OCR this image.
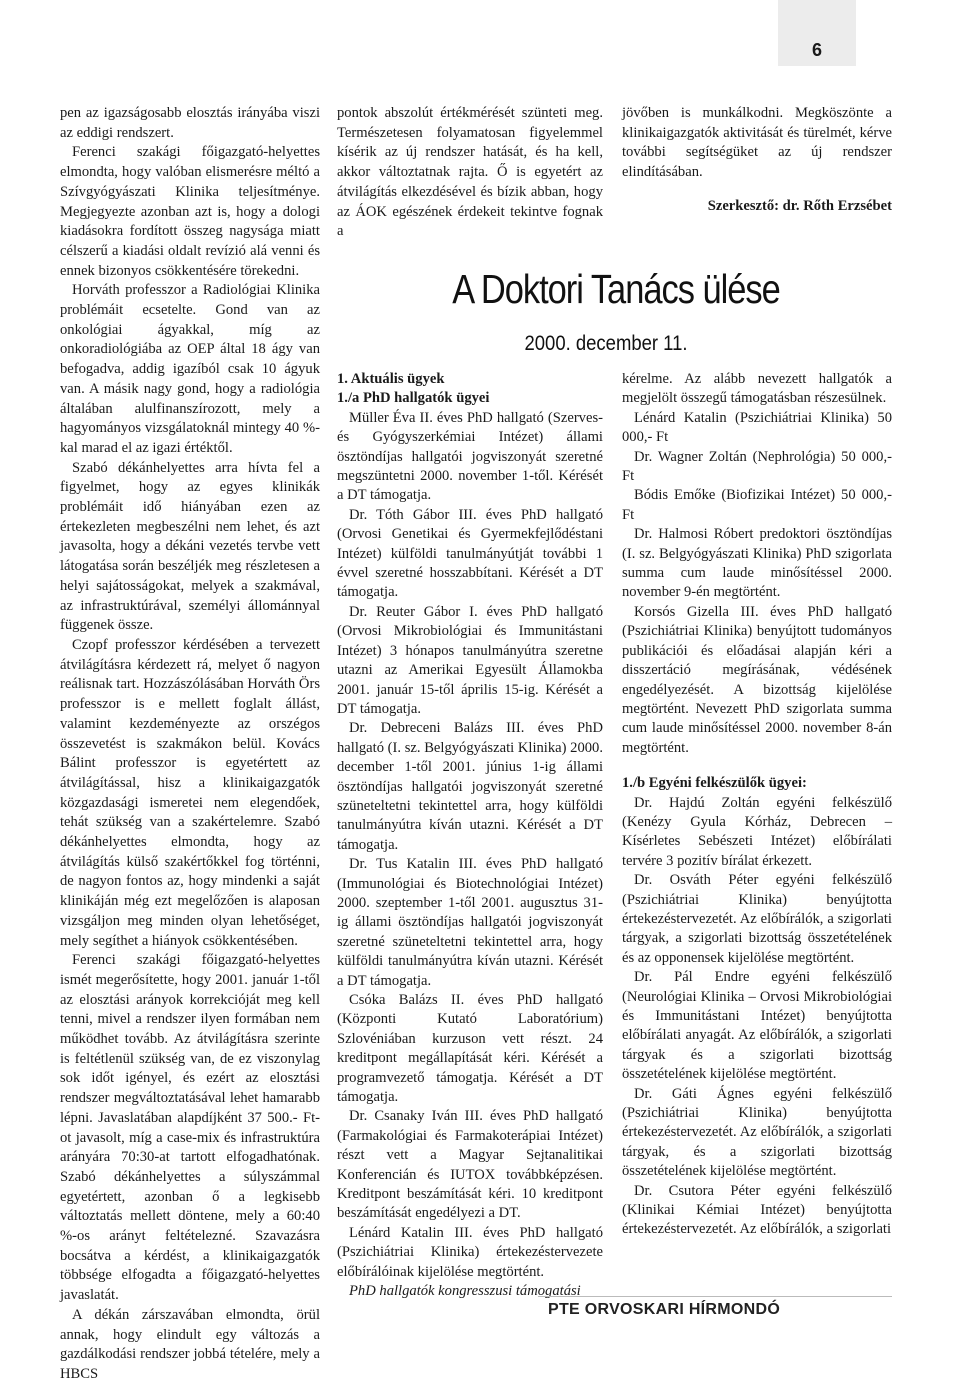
6

pen az igazságosabb elosztás irányába viszi az eddigi rendszert.

Ferenci szakági főigazgató-helyettes elmondta, hogy valóban elismerésre méltó a Szívgyógyászati Klinika teljesítménye. Megjegyezte azonban azt is, hogy a dologi kiadásokra fordított összeg nagysága miatt célszerű a kiadási oldalt revízió alá venni és ennek bizonyos csökkentésére törekedni.

Horváth professzor a Radiológiai Klinika problémáit ecsetelte. Gond van az onkológiai ágyakkal, míg az onkoradiológiába az OEP által 18 ágy van befogadva, addig igazíból csak 10 ágyuk van. A másik nagy gond, hogy a radiológia általában alulfinanszírozott, mely a hagyományos vizsgálatoknál mintegy 40 %-kal marad el az igazi értéktől.

Szabó dékánhelyettes arra hívta fel a figyelmet, hogy az egyes klinikák problémáit idő hiányában ezen az értekezleten megbeszélni nem lehet, és azt javasolta, hogy a dékáni vezetés tervbe vett látogatása során beszéljék meg részletesen a helyi sajátosságokat, melyek a szakmával, az infrastruktúrával, személyi állománnyal függenek össze.

Czopf professzor kérdésében a tervezett átvilágításra kérdezett rá, melyet ő nagyon reálisnak tart. Hozzászólásában Horváth Örs professzor is e mellett foglalt állást, valamint kezdeményezte az orszégos összevetést is szakmákon belül. Kovács Bálint professzor is egyetértett az átvilágítással, hisz a klinikaigazgatók közgazdasági ismeretei nem elegendőek, tehát szükség van a szakértelemre. Szabó dékánhelyettes elmondta, hogy az átvilágítás külső szakértőkkel fog történni, de nagyon fontos az, hogy mindenki a saját klinikáján még ezt megelőzően is alaposan vizsgáljon meg minden olyan lehetőséget, mely segíthet a hiányok csökkentésében.

Ferenci szakági főigazgató-helyettes ismét megerősítette, hogy 2001. január 1-től az elosztási arányok korrekcióját meg kell tenni, mivel a rendszer ilyen formában nem működhet tovább. Az átvilágításra szerinte is feltétlenül szükség van, de ez viszonylag sok időt igényel, és ezért az elosztási rendszer megváltoztatásával lehet hamarabb lépni. Javaslatában alapdíjként 37 500.- Ft-ot javasolt, míg a case-mix és infrastruktúra arányára 70:30-at tartott elfogadhatónak. Szabó dékánhelyettes a súlyszámmal egyetértett, azonban ő a legkisebb változtatás mellett döntene, mely a 60:40 %-os arányt feltételezné. Szavazásra bocsátva a kérdést, a klinikaigazgatók többsége elfogadta a főigazgató-helyettes javaslatát.

A dékán zárszavában elmondta, örül annak, hogy elindult egy változás a gazdálkodási rendszer jobbá tételére, mely a HBCS

pontok abszolút értékmérését szünteti meg. Természetesen folyamatosan figyelemmel kísérik az új rendszer hatását, és ha kell, akkor változtatnak rajta. Ő is egyetért az átvilágítás elkezdésével és bízik abban, hogy az ÁOK egészének érdekeit tekintve fognak a

jövőben is munkálkodni. Megköszönte a klinikaigazgatók aktivitását és türelmét, kérve további segítségüket az új rendszer elindításában.

Szerkesztő: dr. Rőth Erzsébet
A Doktori Tanács ülése
2000. december 11.

1. Aktuális ügyek

1./a PhD hallgatók ügyei

Müller Éva II. éves PhD hallgató (Szerves- és Gyógyszerkémiai Intézet) állami ösztöndíjas hallgatói jogviszonyát szeretné megszüntetni 2000. november 1-től. Kérését a DT támogatja.

Dr. Tóth Gábor III. éves PhD hallgató (Orvosi Genetikai és Gyermekfejlődéstani Intézet) külföldi tanulmányútját további 1 évvel szeretné hosszabbítani. Kérését a DT támogatja.

Dr. Reuter Gábor I. éves PhD hallgató (Orvosi Mikrobiológiai és Immunitástani Intézet) 3 hónapos tanulmányútra szeretne utazni az Amerikai Egyesült Államokba 2001. január 15-től április 15-ig. Kérését a DT támogatja.

Dr. Debreceni Balázs III. éves PhD hallgató (I. sz. Belgyógyászati Klinika) 2000. december 1-től 2001. június 1-ig állami ösztöndíjas hallgatói jogviszonyát szeretné szüneteltetni tekintettel arra, hogy külföldi tanulmányútra kíván utazni. Kérését a DT támogatja.

Dr. Tus Katalin III. éves PhD hallgató (Immunológiai és Biotechnológiai Intézet) 2000. szeptember 1-től 2001. augusztus 31-ig állami ösztöndíjas hallgatói jogviszonyát szeretné szüneteltetni tekintettel arra, hogy külföldi tanulmányútra kíván utazni. Kérését a DT támogatja.

Csóka Balázs II. éves PhD hallgató (Központi Kutató Laboratórium) Szlovéniában kurzuson vett részt. 24 kreditpont megállapítását kéri. Kérését a programvezető támogatja. Kérését a DT támogatja.

Dr. Csanaky Iván III. éves PhD hallgató (Farmakológiai és Farmakoterápiai Intézet) részt vett a Magyar Sejtanalitikai Konferencián és IUTOX továbbképzésen. Kreditpont beszámítását kéri. 10 kreditpont beszámítását engedélyezi a DT.

Lénárd Katalin III. éves PhD hallgató (Pszichiátriai Klinika) értekezéstervezete előbírálóinak kijelölése megtörtént.

PhD hallgatók kongresszusi támogatási

kérelme. Az alább nevezett hallgatók a megjelölt összegű támogatásban részesülnek.

Lénárd Katalin (Pszichiátriai Klinika) 50 000,- Ft

Dr. Wagner Zoltán (Nephrológia) 50 000,- Ft

Bódis Emőke (Biofizikai Intézet) 50 000,-Ft

Dr. Halmosi Róbert predoktori ösztöndíjas (I. sz. Belgyógyászati Klinika) PhD szigorlata summa cum laude minősítéssel 2000. november 9-én megtörtént.

Korsós Gizella III. éves PhD hallgató (Pszichiátriai Klinika) benyújtott tudományos publikációi és előadásai alapján kéri a disszertáció megírásának, védésének engedélyezését. A bizottság kijelölése megtörtént. Nevezett PhD szigorlata summa cum laude minősítéssel 2000. november 8-án megtörtént.

1./b Egyéni felkészülők ügyei:

Dr. Hajdú Zoltán egyéni felkészülő (Kenézy Gyula Kórház, Debrecen – Kísérletes Sebészeti Intézet) előbírálati tervére 3 pozitív bírálat érkezett.

Dr. Osváth Péter egyéni felkészülő (Pszichiátriai Klinika) benyújtotta értekezéstervezetét. Az előbírálók, a szigorlati tárgyak, a szigorlati bizottság összetételének és az opponensek kijelölése megtörtént.

Dr. Pál Endre egyéni felkészülő (Neurológiai Klinika – Orvosi Mikrobiológiai és Immunitástani Intézet) benyújtotta előbírálati anyagát. Az előbírálók, a szigorlati tárgyak és a szigorlati bizottság összetételének kijelölése megtörtént.

Dr. Gáti Ágnes egyéni felkészülő (Pszichiátriai Klinika) benyújtotta értekezéstervezetét. Az előbírálók, a szigorlati tárgyak, és a szigorlati bizottság összetételének kijelölése megtörtént.

Dr. Csutora Péter egyéni felkészülő (Klinikai Kémiai Intézet) benyújtotta értekezéstervezetét. Az előbírálók, a szigorlati

PTE ORVOSKARI HÍRMONDÓ
